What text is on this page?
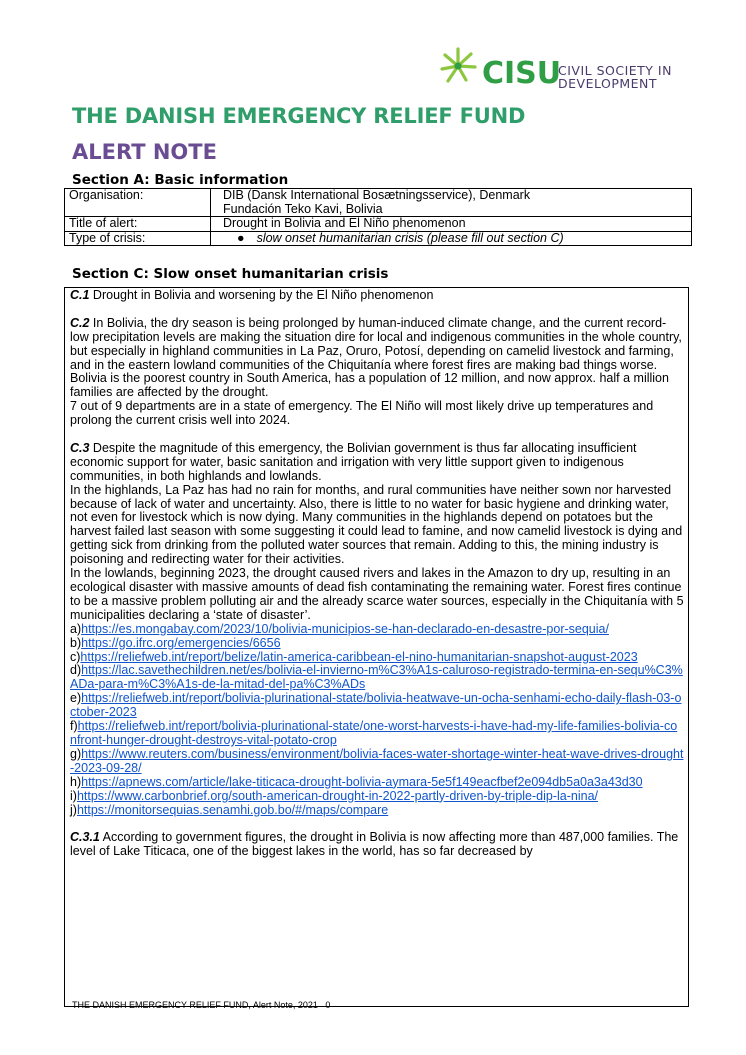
CISU
CIVIL SOCIETY IN
DEVELOPMENT
THE DANISH EMERGENCY RELIEF FUND
ALERT NOTE
Section A: Basic information
Organisation:	DIB (Dansk International Bosætningsservice), Denmark
Fundación Teko Kavi, Bolivia

Title of alert:	Drought in Bolivia and El Niño phenomenon
Type of crisis:	● slow onset humanitarian crisis (please fill out section C)
Section C: Slow onset humanitarian crisis

C.1 Drought in Bolivia and worsening by the El Niño phenomenon

C.2 In Bolivia, the dry season is being prolonged by human-induced climate change, and the current record-low precipitation levels are making the situation dire for local and indigenous communities in the whole country, but especially in highland communities in La Paz, Oruro, Potosí, depending on camelid livestock and farming, and in the eastern lowland communities of the Chiquitanía where forest fires are making bad things worse. Bolivia is the poorest country in South America, has a population of 12 million, and now approx. half a million families are affected by the drought.

7 out of 9 departments are in a state of emergency. The El Niño will most likely drive up temperatures and prolong the current crisis well into 2024.

C.3 Despite the magnitude of this emergency, the Bolivian government is thus far allocating insufficient economic support for water, basic sanitation and irrigation with very little support given to indigenous communities, in both highlands and lowlands.

In the highlands, La Paz has had no rain for months, and rural communities have neither sown nor harvested because of lack of water and uncertainty. Also, there is little to no water for basic hygiene and drinking water, not even for livestock which is now dying. Many communities in the highlands depend on potatoes but the harvest failed last season with some suggesting it could lead to famine, and now camelid livestock is dying and getting sick from drinking from the polluted water sources that remain. Adding to this, the mining industry is poisoning and redirecting water for their activities.

In the lowlands, beginning 2023, the drought caused rivers and lakes in the Amazon to dry up, resulting in an ecological disaster with massive amounts of dead fish contaminating the remaining water. Forest fires continue to be a massive problem polluting air and the already scarce water sources, especially in the Chiquitanía with 5 municipalities declaring a ‘state of disaster’.

a)https://es.mongabay.com/2023/10/bolivia-municipios-se-han-declarado-en-desastre-por-sequia/

b)https://go.ifrc.org/emergencies/6656

c)https://reliefweb.int/report/belize/latin-america-caribbean-el-nino-humanitarian-snapshot-august-2023

d)https://lac.savethechildren.net/es/bolivia-el-invierno-m%C3%A1s-caluroso-registrado-termina-en-sequ%C3%ADa-para-m%C3%A1s-de-la-mitad-del-pa%C3%ADs

e)https://reliefweb.int/report/bolivia-plurinational-state/bolivia-heatwave-un-ocha-senhami-echo-daily-flash-03-october-2023

f)https://reliefweb.int/report/bolivia-plurinational-state/one-worst-harvests-i-have-had-my-life-families-bolivia-confront-hunger-drought-destroys-vital-potato-crop

g)https://www.reuters.com/business/environment/bolivia-faces-water-shortage-winter-heat-wave-drives-drought-2023-09-28/

h)https://apnews.com/article/lake-titicaca-drought-bolivia-aymara-5e5f149eacfbef2e094db5a0a3a43d30

i)https://www.carbonbrief.org/south-american-drought-in-2022-partly-driven-by-triple-dip-la-nina/

j)https://monitorsequias.senamhi.gob.bo/#/maps/compare

C.3.1 According to government figures, the drought in Bolivia is now affecting more than 487,000 families. The level of Lake Titicaca, one of the biggest lakes in the world, has so far decreased by

THE DANISH EMERGENCY RELIEF FUND, Alert Note, 2021 0
